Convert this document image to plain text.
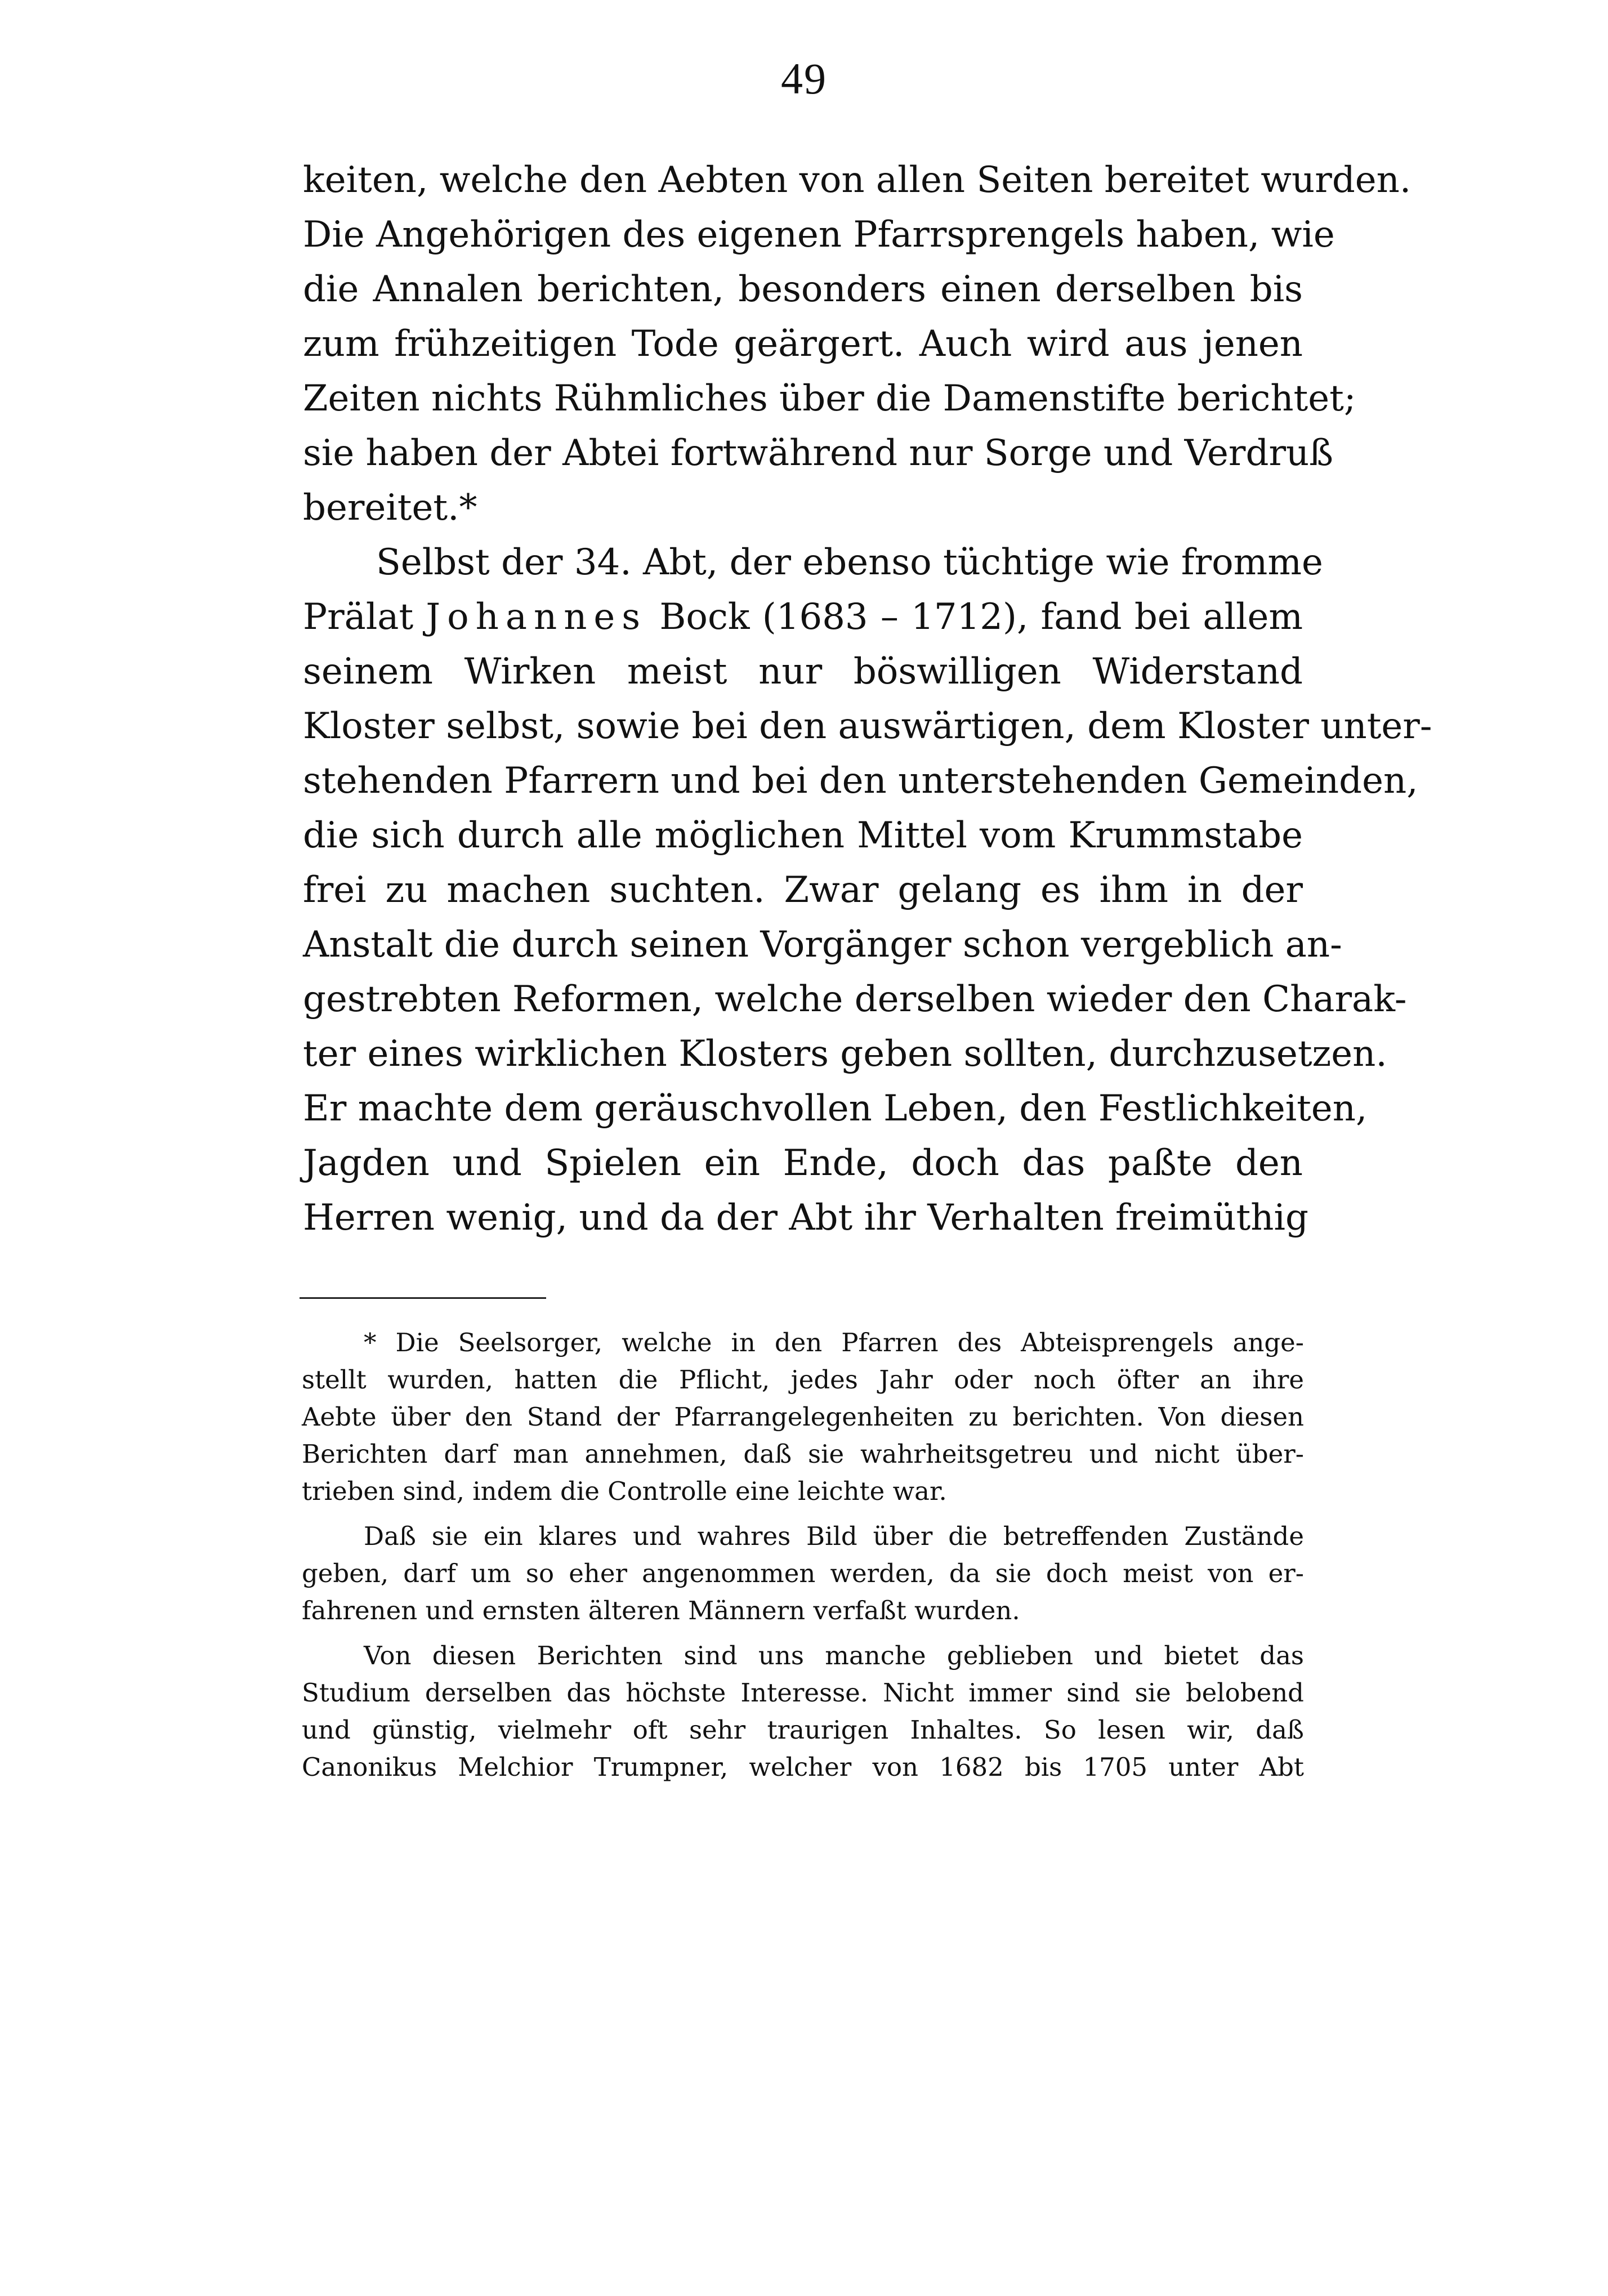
49
keiten, welche den Aebten von allen Seiten bereitet wurden.
Die Angehörigen des eigenen Pfarrsprengels haben, wie
die Annalen berichten, besonders einen derselben bis
zum frühzeitigen Tode geärgert. Auch wird aus jenen
Zeiten nichts Rühmliches über die Damenstifte berichtet;
sie haben der Abtei fortwährend nur Sorge und Verdruß
bereitet.*
Selbst der 34. Abt, der ebenso tüchtige wie fromme
Prälat Johannes Bock (1683 – 1712), fand bei allem
seinem Wirken meist nur böswilligen Widerstand
Kloster selbst, sowie bei den auswärtigen, dem Kloster unter-
stehenden Pfarrern und bei den unterstehenden Gemeinden,
die sich durch alle möglichen Mittel vom Krummstabe
frei zu machen suchten. Zwar gelang es ihm in der
Anstalt die durch seinen Vorgänger schon vergeblich an-
gestrebten Reformen, welche derselben wieder den Charak-
ter eines wirklichen Klosters geben sollten, durchzusetzen.
Er machte dem geräuschvollen Leben, den Festlichkeiten,
Jagden und Spielen ein Ende, doch das paßte den
Herren wenig, und da der Abt ihr Verhalten freimüthig
* Die Seelsorger, welche in den Pfarren des Abteisprengels ange-
stellt wurden, hatten die Pflicht, jedes Jahr oder noch öfter an ihre
Aebte über den Stand der Pfarrangelegenheiten zu berichten. Von diesen
Berichten darf man annehmen, daß sie wahrheitsgetreu und nicht über-
trieben sind, indem die Controlle eine leichte war.
Daß sie ein klares und wahres Bild über die betreffenden Zustände
geben, darf um so eher angenommen werden, da sie doch meist von er-
fahrenen und ernsten älteren Männern verfaßt wurden.
Von diesen Berichten sind uns manche geblieben und bietet das
Studium derselben das höchste Interesse. Nicht immer sind sie belobend
und günstig, vielmehr oft sehr traurigen Inhaltes. So lesen wir, daß
Canonikus Melchior Trumpner, welcher von 1682 bis 1705 unter Abt
